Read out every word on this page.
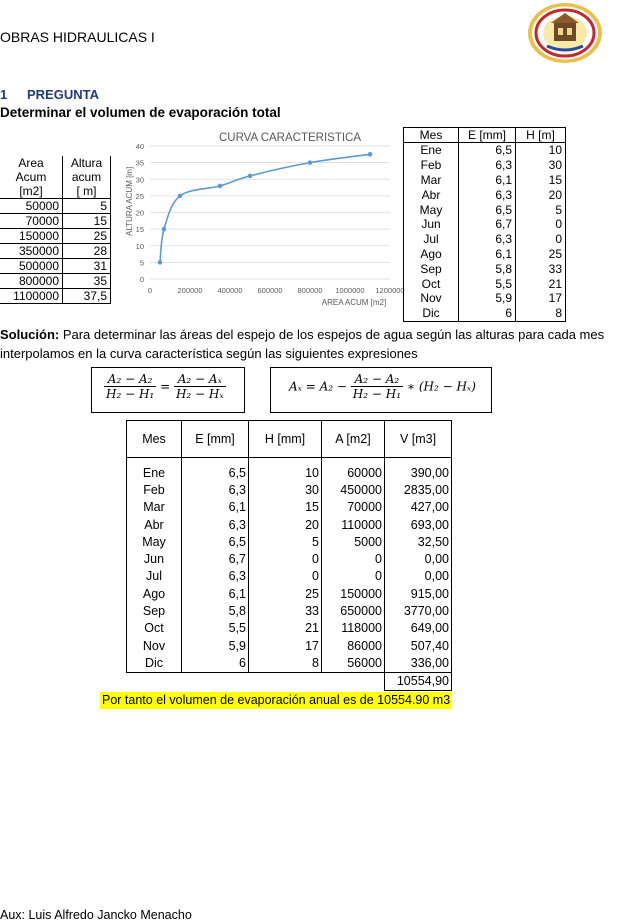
OBRAS HIDRAULICAS I
1 PREGUNTA
Determinar el volumen de evaporación total
Area
Acum
[m2]	Altura
acum
[ m]
50000	5
70000	15
150000	25
350000	28
500000	31
800000	35
1100000	37,5
CURVA CARACTERISTICA
ALTURA ACUM [m]
AREA ACUM [m2]
0
5
10
15
20
25
30
35
40
0	200000 400000 600000 800000 1000000 1200000
Mes	E [mm]	H [m]
Ene	6,5	10
Feb	6,3	30
Mar	6,1	15
Abr	6,3	20
May	6,5	5
Jun	6,7	0
Jul	6,3	0
Ago	6,1	25
Sep	5,8	33
Oct	5,5	21
Nov	5,9	17
Dic	6	8
Solución: Para determinar las áreas del espejo de los espejos de agua según las alturas para cada mes interpolamos en la curva característica según las siguientes expresiones
$\frac{\text{A₂ − A₂}}{\text{H₂ − H₁}} = \frac{\text{A₂ − Aₓ}}{\text{H₂ − Hₓ}}$	$A_x = A_2 - \frac{\text{A₂ − A₂}}{\text{H₂ − H₁}}$ ∗ (H₂ − Hₓ)
Mes	E [mm]	H [mm]	A [m2]	V [m3]

Ene	6,5	10	60000	390,00
Feb	6,3	30	450000	2835,00
Mar	6,1	15	70000	427,00
Abr	6,3	20	110000	693,00
May	6,5	5	5000	32,50
Jun	6,7	0	0	0,00
Jul	6,3	0	0	0,00
Ago	6,1	25	150000	915,00
Sep	5,8	33	650000	3770,00
Oct	5,5	21	118000	649,00
Nov	5,9	17	86000	507,40
Dic	6	8	56000	336,00
				10554,90
Por tanto el volumen de evaporación anual es de 10554.90 m3
Aux: Luis Alfredo Jancko Menacho
